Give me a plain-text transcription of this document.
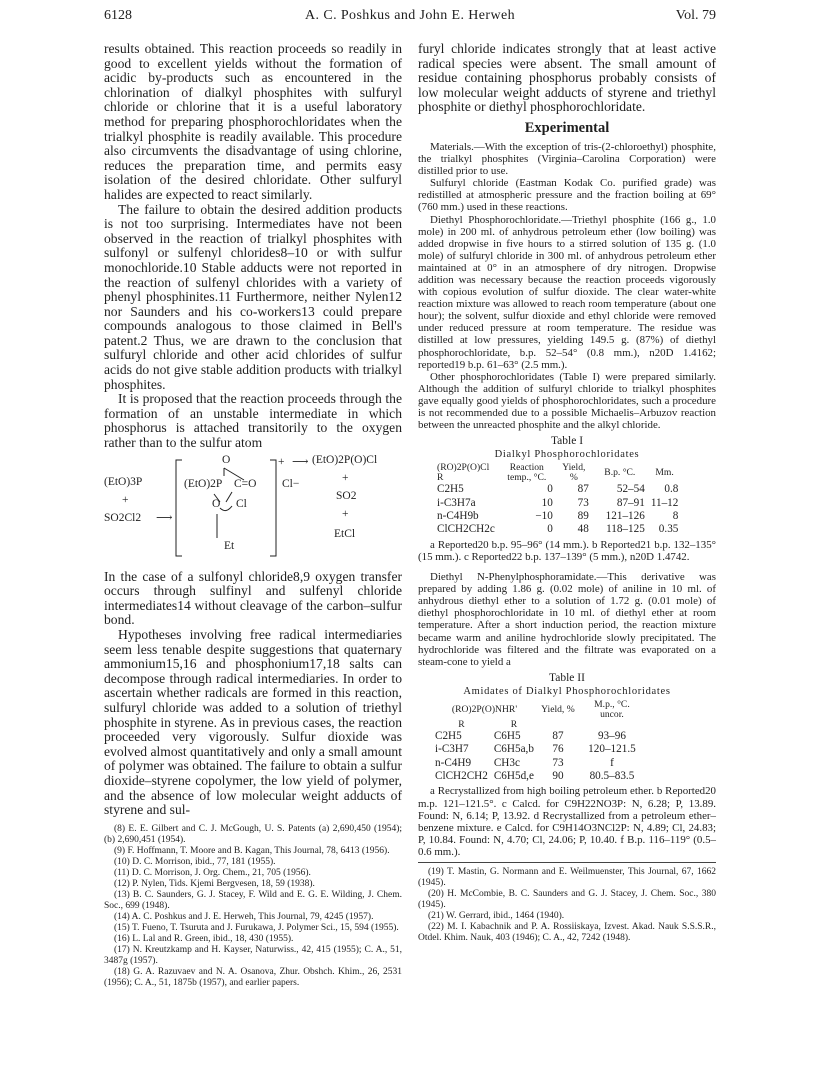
6128	A. C. Poshkus and John E. Herweh	Vol. 79

results obtained. This reaction proceeds so readily in good to excellent yields without the formation of acidic by-products such as encountered in the chlorination of dialkyl phosphites with sulfuryl chloride or chlorine that it is a useful laboratory method for preparing phosphorochloridates when the trialkyl phosphite is readily available. This procedure also circumvents the disadvantage of using chlorine, reduces the preparation time, and permits easy isolation of the desired chloridate. Other sulfuryl halides are expected to react similarly.

The failure to obtain the desired addition products is not too surprising. Intermediates have not been observed in the reaction of trialkyl phosphites with sulfonyl or sulfenyl chlorides8–10 or with sulfur monochloride.10 Stable adducts were not reported in the reaction of sulfenyl chlorides with a variety of phenyl phosphinites.11 Furthermore, neither Nylen12 nor Saunders and his co-workers13 could prepare compounds analogous to those claimed in Bell's patent.2 Thus, we are drawn to the conclusion that sulfuryl chloride and other acid chlorides of sulfur acids do not give stable addition products with trialkyl phosphites.

It is proposed that the reaction proceeds through the formation of an unstable intermediate in which phosphorus is attached transitorily to the oxygen rather than to the sulfur atom

(EtO)3P
+
SO2Cl2 ⟶
O
(EtO)2P C=O
O Cl
Et
+
Cl−
⟶ (EtO)2P(O)Cl
+
SO2
+
EtCl

In the case of a sulfonyl chloride8,9 oxygen transfer occurs through sulfinyl and sulfenyl chloride intermediates14 without cleavage of the carbon–sulfur bond.

Hypotheses involving free radical intermediaries seem less tenable despite suggestions that quaternary ammonium15,16 and phosphonium17,18 salts can decompose through radical intermediaries. In order to ascertain whether radicals are formed in this reaction, sulfuryl chloride was added to a solution of triethyl phosphite in styrene. As in previous cases, the reaction proceeded very vigorously. Sulfur dioxide was evolved almost quantitatively and only a small amount of polymer was obtained. The failure to obtain a sulfur dioxide–styrene copolymer, the low yield of polymer, and the absence of low molecular weight adducts of styrene and sul-

(8) E. E. Gilbert and C. J. McGough, U. S. Patents (a) 2,690,450 (1954); (b) 2,690,451 (1954).

(9) F. Hoffmann, T. Moore and B. Kagan, This Journal, 78, 6413 (1956).

(10) D. C. Morrison, ibid., 77, 181 (1955).

(11) D. C. Morrison, J. Org. Chem., 21, 705 (1956).

(12) P. Nylen, Tids. Kjemi Bergvesen, 18, 59 (1938).

(13) B. C. Saunders, G. J. Stacey, F. Wild and E. G. E. Wilding, J. Chem. Soc., 699 (1948).

(14) A. C. Poshkus and J. E. Herweh, This Journal, 79, 4245 (1957).

(15) T. Fueno, T. Tsuruta and J. Furukawa, J. Polymer Sci., 15, 594 (1955).

(16) L. Lal and R. Green, ibid., 18, 430 (1955).

(17) N. Kreutzkamp and H. Kayser, Naturwiss., 42, 415 (1955); C. A., 51, 3487g (1957).

(18) G. A. Razuvaev and N. A. Osanova, Zhur. Obshch. Khim., 26, 2531 (1956); C. A., 51, 1875b (1957), and earlier papers.

furyl chloride indicates strongly that at least active radical species were absent. The small amount of residue containing phosphorus probably consists of low molecular weight adducts of styrene and triethyl phosphite or diethyl phosphorochloridate.

Experimental

Materials.—With the exception of tris-(2-chloroethyl) phosphite, the trialkyl phosphites (Virginia–Carolina Corporation) were distilled prior to use.

Sulfuryl chloride (Eastman Kodak Co. purified grade) was redistilled at atmospheric pressure and the fraction boiling at 69° (760 mm.) used in these reactions.

Diethyl Phosphorochloridate.—Triethyl phosphite (166 g., 1.0 mole) in 200 ml. of anhydrous petroleum ether (low boiling) was added dropwise in five hours to a stirred solution of 135 g. (1.0 mole) of sulfuryl chloride in 300 ml. of anhydrous petroleum ether maintained at 0° in an atmosphere of dry nitrogen. Dropwise addition was necessary because the reaction proceeds vigorously with copious evolution of sulfur dioxide. The clear water-white reaction mixture was allowed to reach room temperature (about one hour); the solvent, sulfur dioxide and ethyl chloride were removed under reduced pressure at room temperature. The residue was distilled at low pressures, yielding 149.5 g. (87%) of diethyl phosphorochloridate, b.p. 52–54° (0.8 mm.), n20D 1.4162; reported19 b.p. 61–63° (2.5 mm.).

Other phosphorochloridates (Table I) were prepared similarly. Although the addition of sulfuryl chloride to trialkyl phosphites gave equally good yields of phosphorochloridates, such a procedure is not recommended due to a possible Michaelis–Arbuzov reaction between the unreacted phosphite and the alkyl chloride.

Table I
Dialkyl Phosphorochloridates
(RO)2P(O)Cl
R	Reaction temp., °C.	Yield, %	B.p. °C.	Mm.
C2H5	0	87	52–54	0.8
i-C3H7a	10	73	87–91	11–12
n-C4H9b	−10	89	121–126	8
ClCH2CH2c	0	48	118–125	0.35

a Reported20 b.p. 95–96° (14 mm.). b Reported21 b.p. 132–135° (15 mm.). c Reported22 b.p. 137–139° (5 mm.), n20D 1.4742.

Diethyl N-Phenylphosphoramidate.—This derivative was prepared by adding 1.86 g. (0.02 mole) of aniline in 10 ml. of anhydrous diethyl ether to a solution of 1.72 g. (0.01 mole) of diethyl phosphorochloridate in 10 ml. of diethyl ether at room temperature. After a short induction period, the reaction mixture became warm and aniline hydrochloride slowly precipitated. The hydrochloride was filtered and the filtrate was evaporated on a steam-cone to yield a

Table II
Amidates of Dialkyl Phosphorochloridates
(RO)2P(O)NHR'		Yield, %	M.p., °C. uncor.
R	R		
C2H5	C6H5	87	93–96
i-C3H7	C6H5a,b	76	120–121.5
n-C4H9	CH3c	73	f
ClCH2CH2	C6H5d,e	90	80.5–83.5

a Recrystallized from high boiling petroleum ether. b Reported20 m.p. 121–121.5°. c Calcd. for C9H22NO3P: N, 6.28; P, 13.89. Found: N, 6.14; P, 13.92. d Recrystallized from a petroleum ether–benzene mixture. e Calcd. for C9H14O3NCl2P: N, 4.89; Cl, 24.83; P, 10.84. Found: N, 4.70; Cl, 24.06; P, 10.40. f B.p. 116–119° (0.5–0.6 mm.).

(19) T. Mastin, G. Normann and E. Weilmuenster, This Journal, 67, 1662 (1945).

(20) H. McCombie, B. C. Saunders and G. J. Stacey, J. Chem. Soc., 380 (1945).

(21) W. Gerrard, ibid., 1464 (1940).

(22) M. I. Kabachnik and P. A. Rossiiskaya, Izvest. Akad. Nauk S.S.S.R., Otdel. Khim. Nauk, 403 (1946); C. A., 42, 7242 (1948).
